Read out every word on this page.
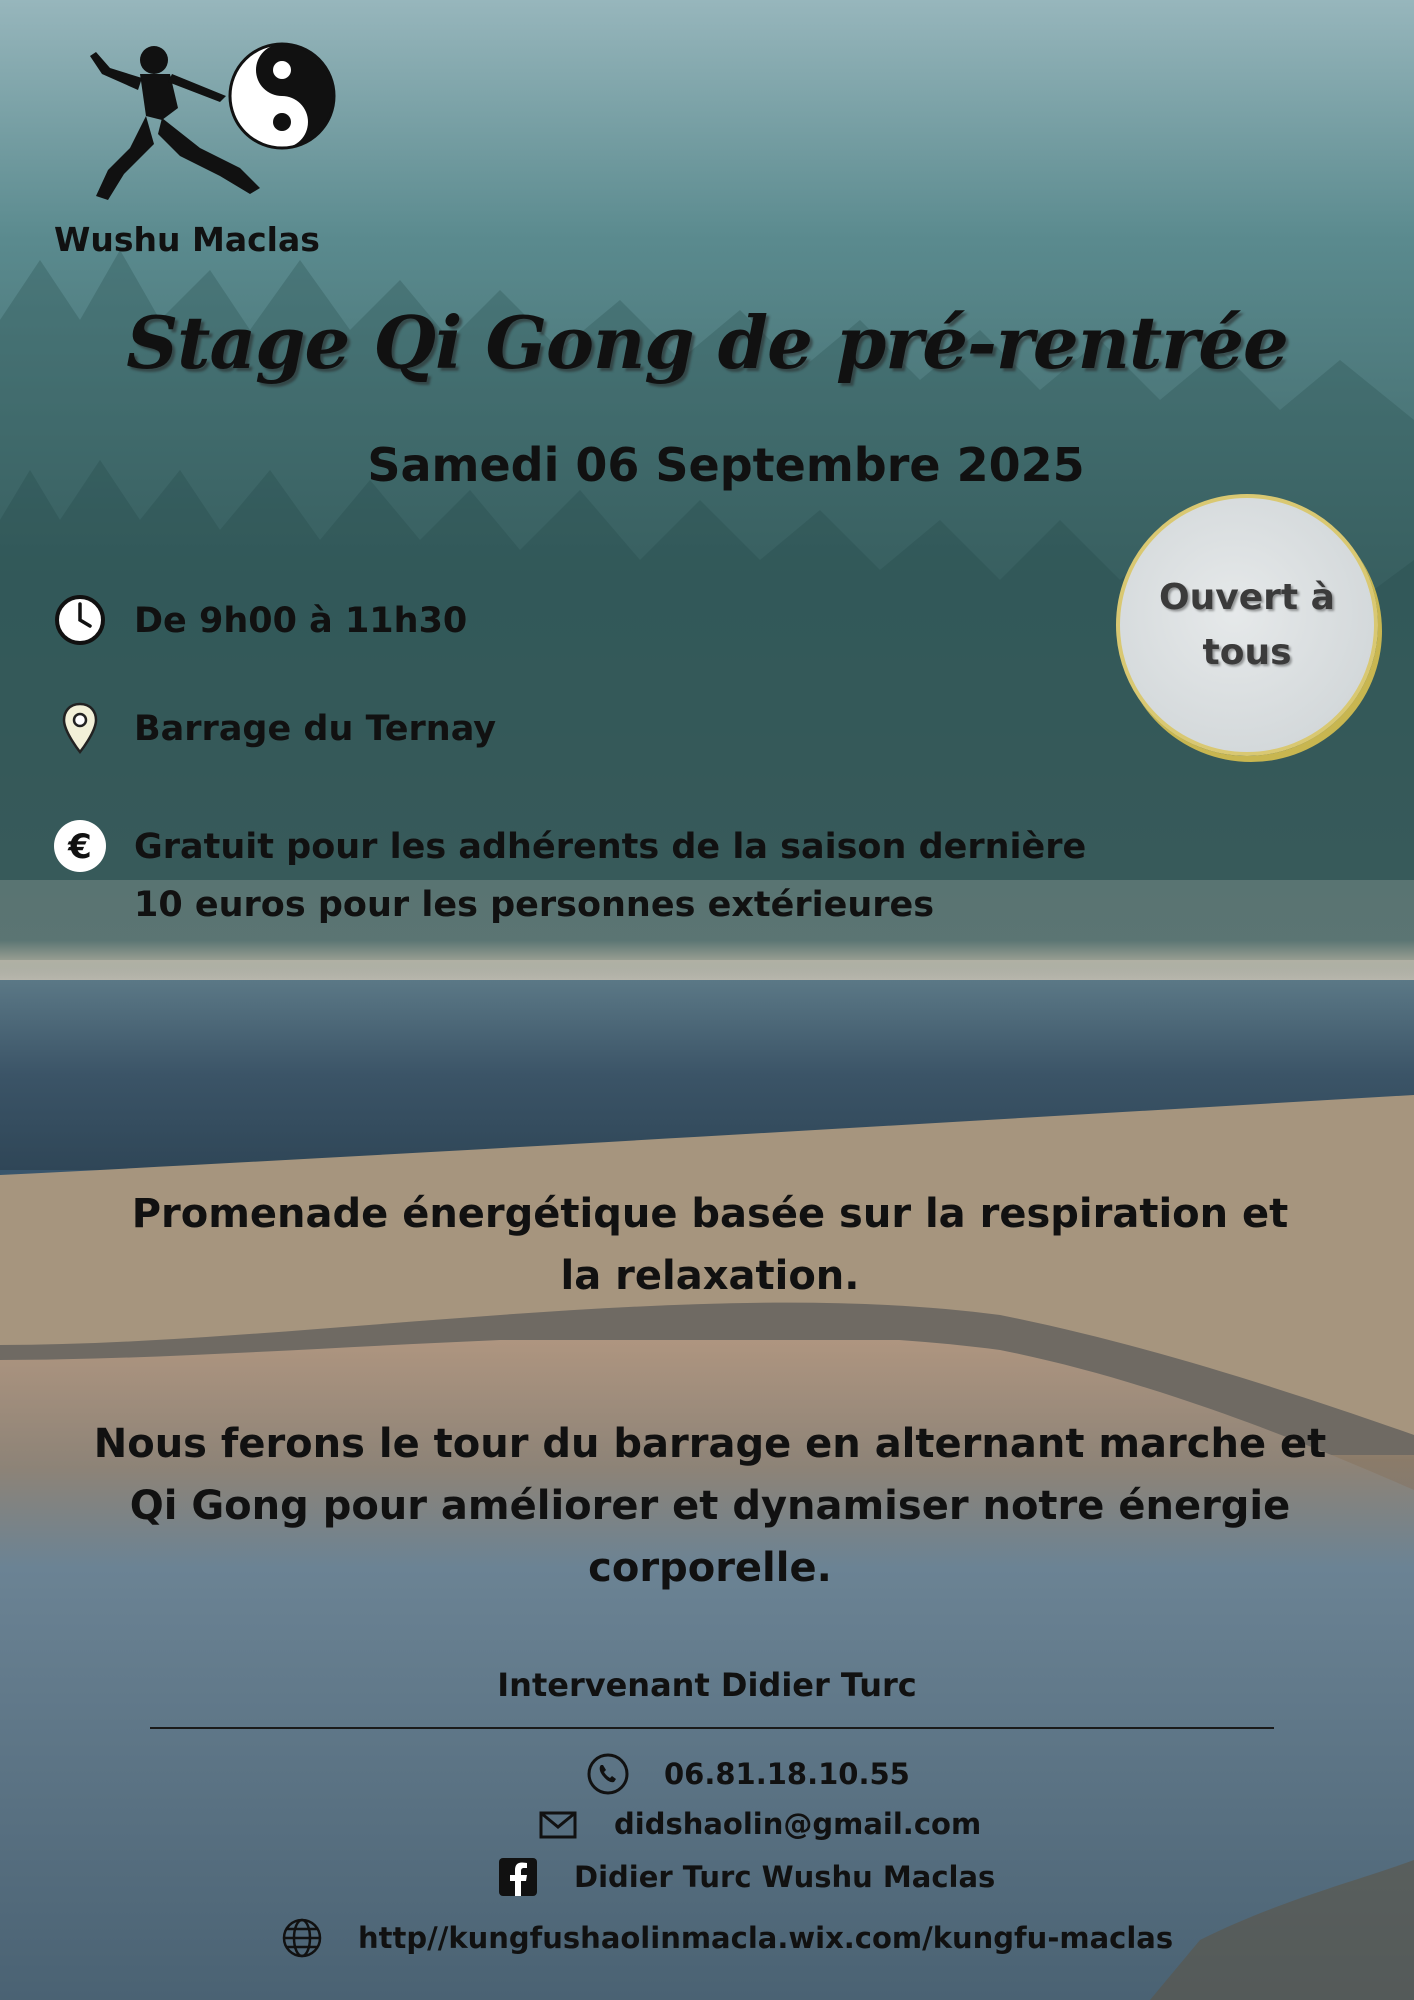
Wushu Maclas
Stage Qi Gong de pré-rentrée
Samedi 06 Septembre 2025
De 9h00 à 11h30
Barrage du Ternay
€ Gratuit pour les adhérents de la saison dernière
10 euros pour les personnes extérieures
Ouvert à
tous
Promenade énergétique basée sur la respiration et
la relaxation.
Nous ferons le tour du barrage en alternant marche et
Qi Gong pour améliorer et dynamiser notre énergie
corporelle.
Intervenant Didier Turc
06.81.18.10.55
didshaolin@gmail.com
Didier Turc Wushu Maclas
http//kungfushaolinmacla.wix.com/kungfu-maclas
